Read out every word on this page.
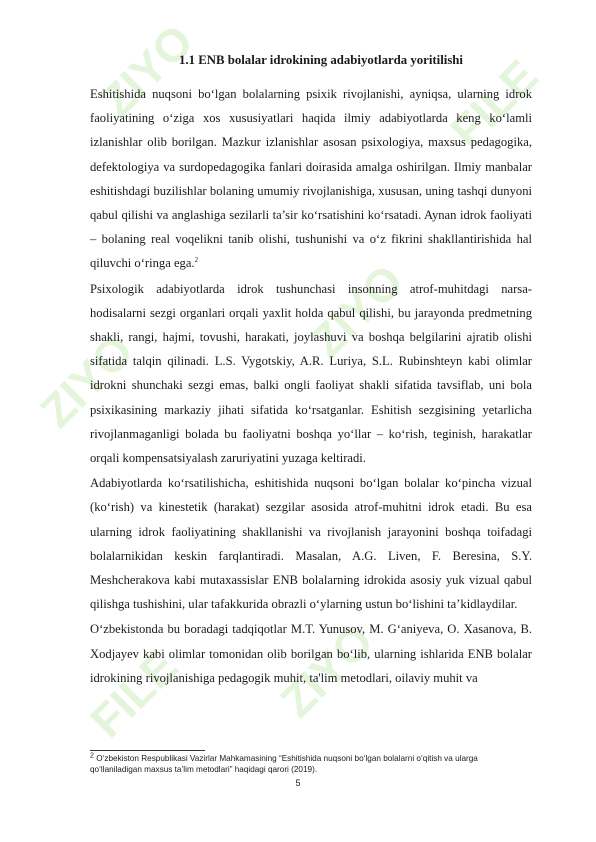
ZIYO
ZIYO
ZIYO
ZIYO
FILE
FILE
1.1 ENB bolalar idrokining adabiyotlarda yoritilishi

Eshitishida nuqsoni bo‘lgan bolalarning psixik rivojlanishi, ayniqsa, ularning idrok faoliyatining o‘ziga xos xususiyatlari haqida ilmiy adabiyotlarda keng ko‘lamli izlanishlar olib borilgan. Mazkur izlanishlar asosan psixologiya, maxsus pedagogika, defektologiya va surdopedagogika fanlari doirasida amalga oshirilgan. Ilmiy manbalar eshitishdagi buzilishlar bolaning umumiy rivojlanishiga, xususan, uning tashqi dunyoni qabul qilishi va anglashiga sezilarli ta’sir ko‘rsatishini ko‘rsatadi. Aynan idrok faoliyati – bolaning real voqelikni tanib olishi, tushunishi va o‘z fikrini shakllantirishida hal qiluvchi o‘ringa ega.$^2$

Psixologik adabiyotlarda idrok tushunchasi insonning atrof-muhitdagi narsa-hodisalarni sezgi organlari orqali yaxlit holda qabul qilishi, bu jarayonda predmetning shakli, rangi, hajmi, tovushi, harakati, joylashuvi va boshqa belgilarini ajratib olishi sifatida talqin qilinadi. L.S. Vygotskiy, A.R. Luriya, S.L. Rubinshteyn kabi olimlar idrokni shunchaki sezgi emas, balki ongli faoliyat shakli sifatida tavsiflab, uni bola psixikasining markaziy jihati sifatida ko‘rsatganlar. Eshitish sezgisining yetarlicha rivojlanmaganligi bolada bu faoliyatni boshqa yo‘llar – ko‘rish, teginish, harakatlar orqali kompensatsiyalash zaruriyatini yuzaga keltiradi.

Adabiyotlarda ko‘rsatilishicha, eshitishida nuqsoni bo‘lgan bolalar ko‘pincha vizual (ko‘rish) va kinestetik (harakat) sezgilar asosida atrof-muhitni idrok etadi. Bu esa ularning idrok faoliyatining shakllanishi va rivojlanish jarayonini boshqa toifadagi bolalarnikidan keskin farqlantiradi. Masalan, A.G. Liven, F. Beresina, S.Y. Meshcherakova kabi mutaxassislar ENB bolalarning idrokida asosiy yuk vizual qabul qilishga tushishini, ular tafakkurida obrazli o‘ylarning ustun bo‘lishini ta’kidlaydilar.

O‘zbekistonda bu boradagi tadqiqotlar M.T. Yunusov, M. G‘aniyeva, O. Xasanova, B. Xodjayev kabi olimlar tomonidan olib borilgan bo‘lib, ularning ishlarida ENB bolalar idrokining rivojlanishiga pedagogik muhit, ta'lim metodlari, oilaviy muhit va

$^2$ O‘zbekiston Respublikasi Vazirlar Mahkamasining “Eshitishida nuqsoni bo‘lgan bolalarni o‘qitish va ularga qo‘llaniladigan maxsus ta’lim metodlari” haqidagi qarori (2019).
5
